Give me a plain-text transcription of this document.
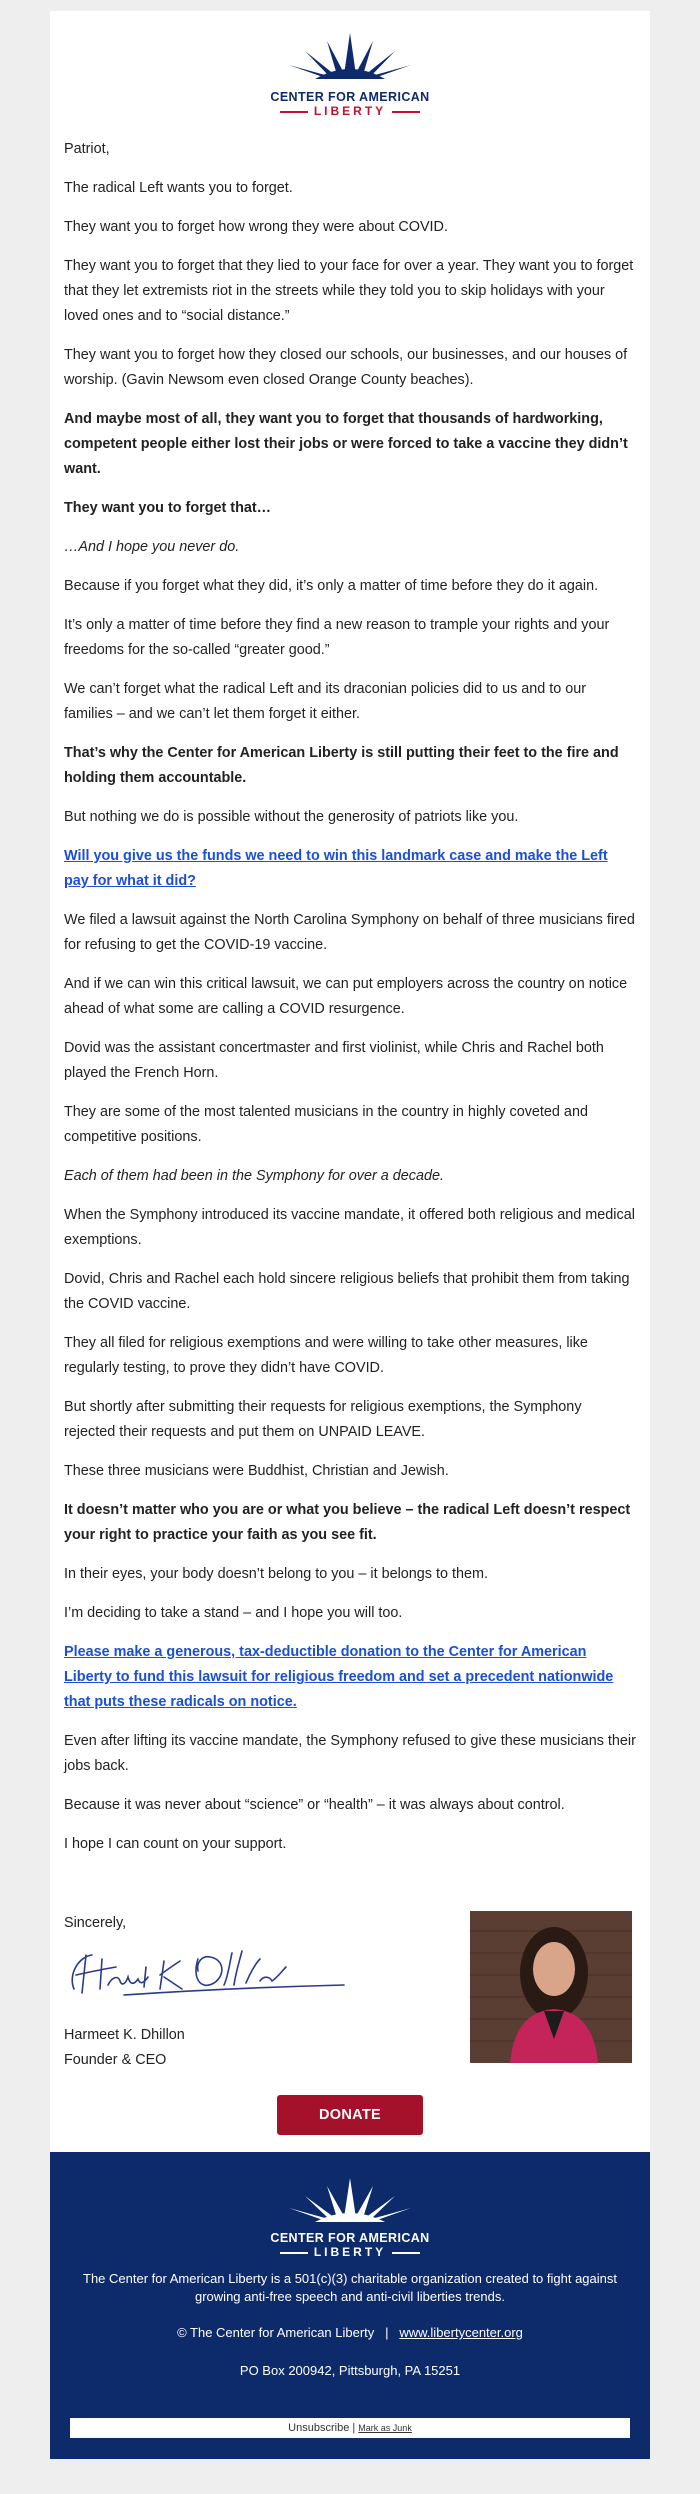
CENTER FOR AMERICAN
LIBERTY

Patriot,

The radical Left wants you to forget.

They want you to forget how wrong they were about COVID.

They want you to forget that they lied to your face for over a year. They want you to forget that they let extremists riot in the streets while they told you to skip holidays with your loved ones and to “social distance.”

They want you to forget how they closed our schools, our businesses, and our houses of worship. (Gavin Newsom even closed Orange County beaches).

And maybe most of all, they want you to forget that thousands of hardworking, competent people either lost their jobs or were forced to take a vaccine they didn’t want.

They want you to forget that…

…And I hope you never do.

Because if you forget what they did, it’s only a matter of time before they do it again.

It’s only a matter of time before they find a new reason to trample your rights and your freedoms for the so-called “greater good.”

We can’t forget what the radical Left and its draconian policies did to us and to our families – and we can’t let them forget it either.

That’s why the Center for American Liberty is still putting their feet to the fire and holding them accountable.

But nothing we do is possible without the generosity of patriots like you.

Will you give us the funds we need to win this landmark case and make the Left pay for what it did?

We filed a lawsuit against the North Carolina Symphony on behalf of three musicians fired for refusing to get the COVID-19 vaccine.

And if we can win this critical lawsuit, we can put employers across the country on notice ahead of what some are calling a COVID resurgence.

Dovid was the assistant concertmaster and first violinist, while Chris and Rachel both played the French Horn.

They are some of the most talented musicians in the country in highly coveted and competitive positions.

Each of them had been in the Symphony for over a decade.

When the Symphony introduced its vaccine mandate, it offered both religious and medical exemptions.

Dovid, Chris and Rachel each hold sincere religious beliefs that prohibit them from taking the COVID vaccine.

They all filed for religious exemptions and were willing to take other measures, like regularly testing, to prove they didn’t have COVID.

But shortly after submitting their requests for religious exemptions, the Symphony rejected their requests and put them on UNPAID LEAVE.

These three musicians were Buddhist, Christian and Jewish.

It doesn’t matter who you are or what you believe – the radical Left doesn’t respect your right to practice your faith as you see fit.

In their eyes, your body doesn’t belong to you – it belongs to them.

I’m deciding to take a stand – and I hope you will too.

Please make a generous, tax-deductible donation to the Center for American Liberty to fund this lawsuit for religious freedom and set a precedent nationwide that puts these radicals on notice.

Even after lifting its vaccine mandate, the Symphony refused to give these musicians their jobs back.

Because it was never about “science” or “health” – it was always about control.

I hope I can count on your support.

Sincerely,

Harmeet K. Dhillon

Founder & CEO

DONATE
CENTER FOR AMERICAN
LIBERTY
The Center for American Liberty is a 501(c)(3) charitable organization created to fight against growing anti-free speech and anti-civil liberties trends.
© The Center for American Liberty | www.libertycenter.org
PO Box 200942, Pittsburgh, PA 15251
Unsubscribe | Mark as Junk
